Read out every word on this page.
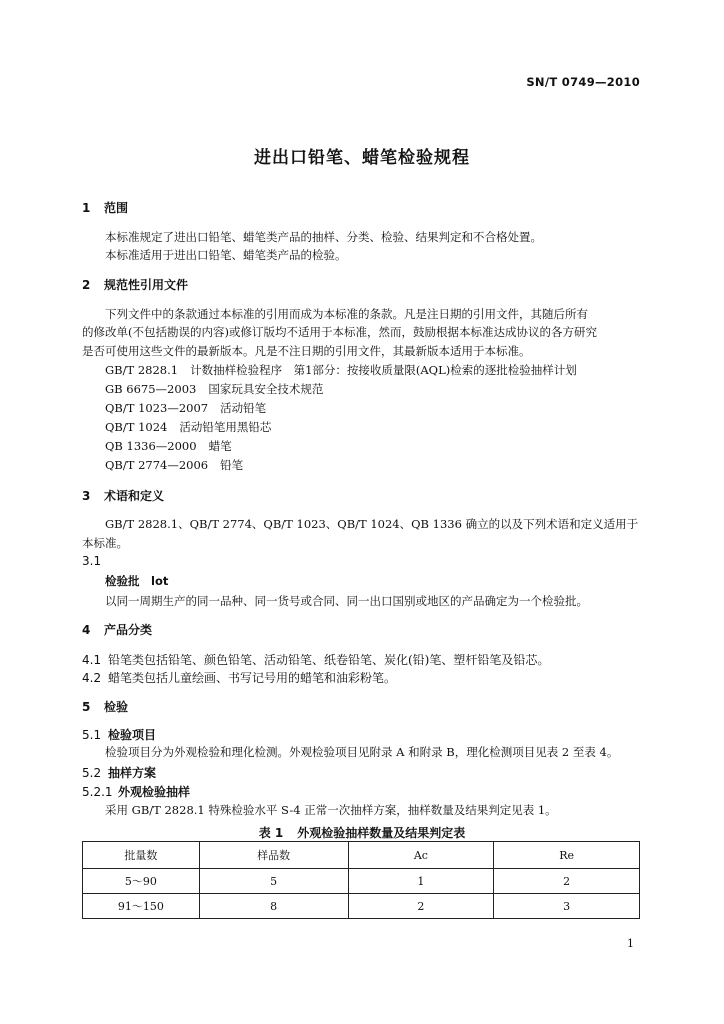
SN/T 0749—2010
进出口铅笔、蜡笔检验规程
1 范围
本标准规定了进出口铅笔、蜡笔类产品的抽样、分类、检验、结果判定和不合格处置。
本标准适用于进出口铅笔、蜡笔类产品的检验。
2 规范性引用文件
下列文件中的条款通过本标准的引用而成为本标准的条款。凡是注日期的引用文件，其随后所有
的修改单(不包括勘误的内容)或修订版均不适用于本标准，然而，鼓励根据本标准达成协议的各方研究
是否可使用这些文件的最新版本。凡是不注日期的引用文件，其最新版本适用于本标准。
GB/T 2828.1 计数抽样检验程序　第1部分：按接收质量限(AQL)检索的逐批检验抽样计划
GB 6675—2003 国家玩具安全技术规范
QB/T 1023—2007 活动铅笔
QB/T 1024 活动铅笔用黑铅芯
QB 1336—2000 蜡笔
QB/T 2774—2006 铅笔
3 术语和定义
GB/T 2828.1、QB/T 2774、QB/T 1023、QB/T 1024、QB 1336 确立的以及下列术语和定义适用于
本标准。
3.1
检验批　lot
以同一周期生产的同一品种、同一货号或合同、同一出口国别或地区的产品确定为一个检验批。
4 产品分类
4.1 铅笔类包括铅笔、颜色铅笔、活动铅笔、纸卷铅笔、炭化(铅)笔、塑杆铅笔及铅芯。
4.2 蜡笔类包括儿童绘画、书写记号用的蜡笔和油彩粉笔。
5 检验
5.1 检验项目
检验项目分为外观检验和理化检测。外观检验项目见附录 A 和附录 B，理化检测项目见表 2 至表 4。
5.2 抽样方案
5.2.1 外观检验抽样
采用 GB/T 2828.1 特殊检验水平 S-4 正常一次抽样方案，抽样数量及结果判定见表 1。
表 1 外观检验抽样数量及结果判定表
批量数	样品数	Ac	Re
5～90	5	1	2
91～150	8	2	3
1
